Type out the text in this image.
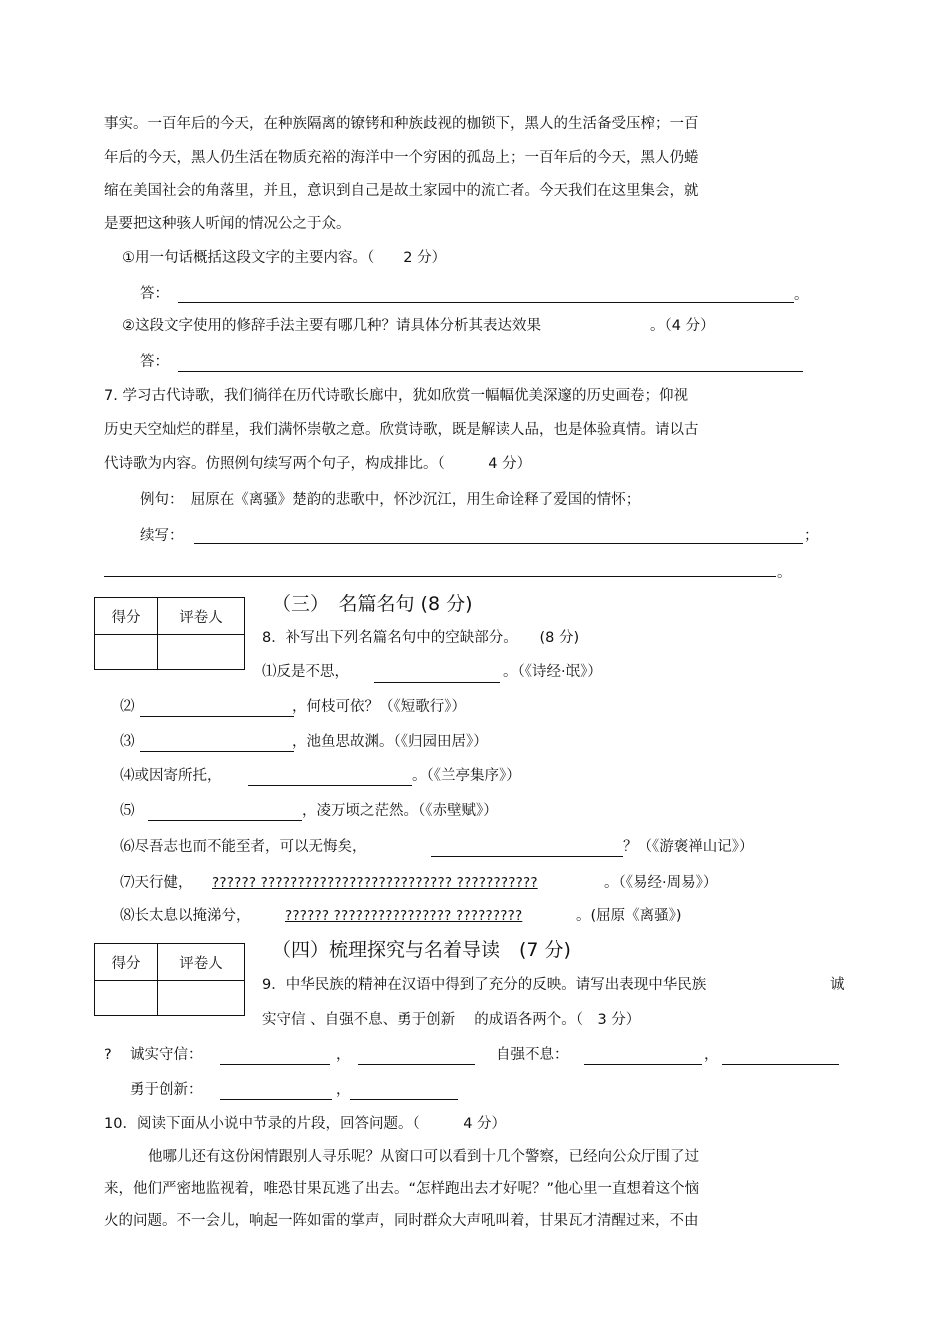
事实。一百年后的今天，在种族隔离的镣铐和种族歧视的枷锁下，黑人的生活备受压榨；一百
年后的今天，黑人仍生活在物质充裕的海洋中一个穷困的孤岛上；一百年后的今天，黑人仍蜷
缩在美国社会的角落里，并且，意识到自己是故土家园中的流亡者。今天我们在这里集会，就
是要把这种骇人听闻的情况公之于众。
①用一句话概括这段文字的主要内容。（　　2 分）
答：	。
②这段文字使用的修辞手法主要有哪几种？请具体分析其表达效果	。（4 分）
答：
7. 学习古代诗歌，我们徜徉在历代诗歌长廊中，犹如欣赏一幅幅优美深邃的历史画卷；仰视
历史天空灿烂的群星，我们满怀崇敬之意。欣赏诗歌，既是解读人品，也是体验真情。请以古
代诗歌为内容。仿照例句续写两个句子，构成排比。（　　　4 分）
例句：　屈原在《离骚》楚韵的悲歌中，怀沙沉江，用生命诠释了爱国的情怀；
续写：	；
。
得分	评卷人

（三）　名篇名句 (8 分)
8．补写出下列名篇名句中的空缺部分。　　(8 分)
⑴反是不思，	。（《诗经·氓》）
⑵	，何枝可依？（《短歌行》）
⑶	，池鱼思故渊。（《归园田居》）
⑷或因寄所托，	。（《兰亭集序》）
⑸	，凌万顷之茫然。（《赤壁赋》）
⑹尽吾志也而不能至者，可以无悔矣，	？（《游褒禅山记》）
⑺天行健， ?????? ?????????????????????????? ???????????	。（《易经·周易》）
⑻长太息以掩涕兮，	?????? ???????????????? ?????????	。(屈原《离骚》)
得分	评卷人

（四）梳理探究与名着导读　(7 分)
9．中华民族的精神在汉语中得到了充分的反映。请写出表现中华民族	诚
实守信 、自强不息、勇于创新　 的成语各两个。（　3 分）
? 诚实守信：	，	自强不息：	，
勇于创新：	，
10．阅读下面从小说中节录的片段，回答问题。（　　　4 分）
他哪儿还有这份闲情跟别人寻乐呢？从窗口可以看到十几个警察，已经向公众厅围了过
来，他们严密地监视着，唯恐甘果瓦逃了出去。“怎样跑出去才好呢？”他心里一直想着这个恼
火的问题。不一会儿，响起一阵如雷的掌声，同时群众大声吼叫着，甘果瓦才清醒过来，不由
